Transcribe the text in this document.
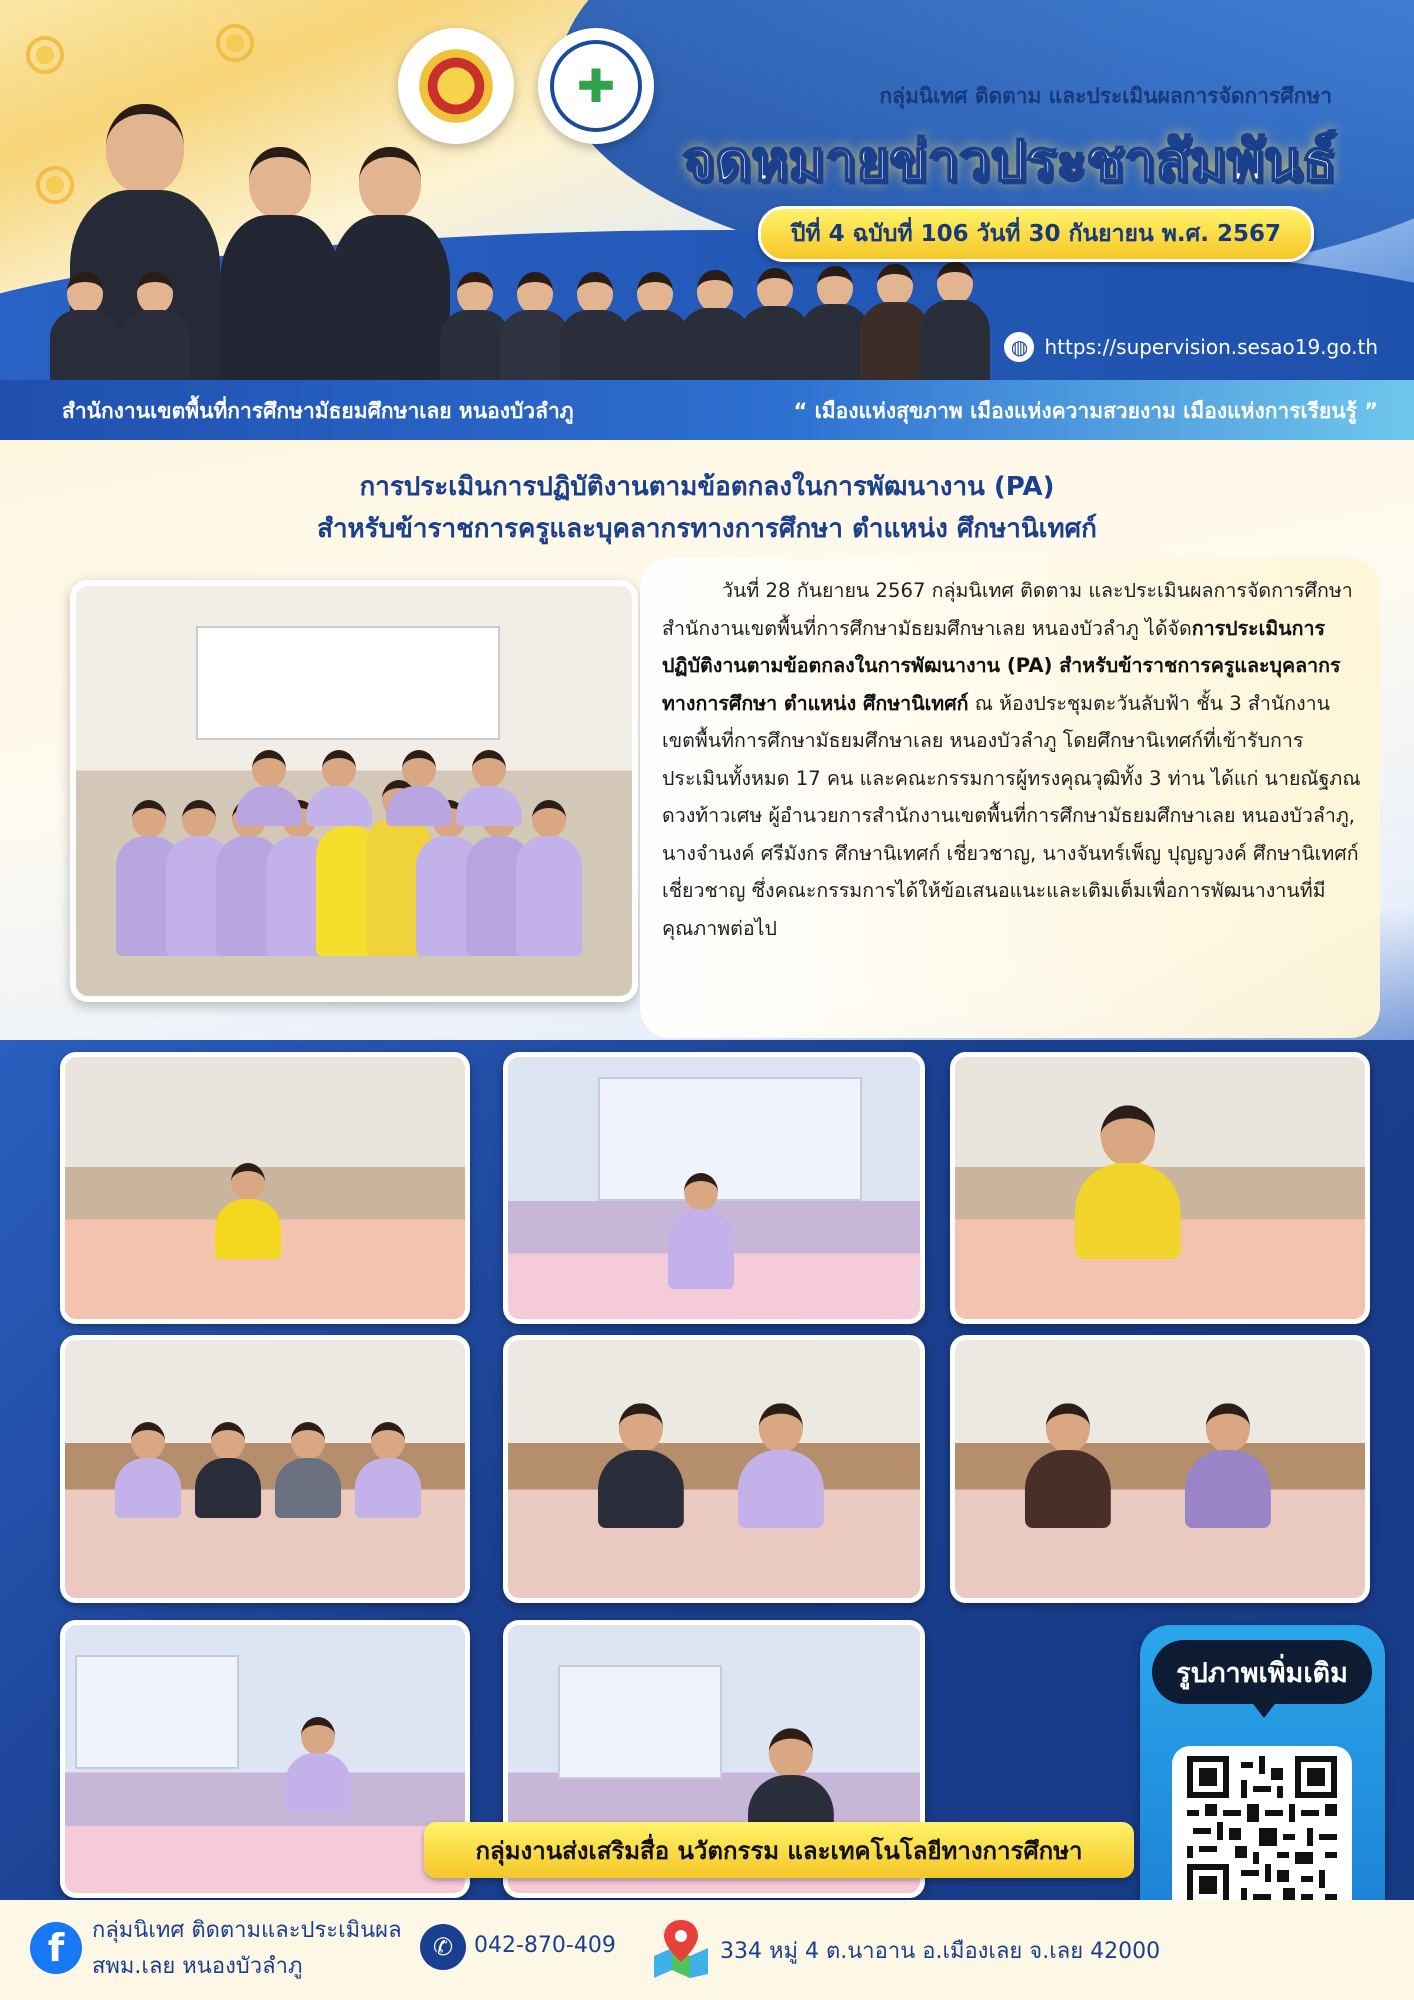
✚	กลุ่มนิเทศ ติดตาม และประเมินผลการจัดการศึกษา
จดหมายข่าวประชาสัมพันธ์
ปีที่ 4 ฉบับที่ 106 วันที่ 30 กันยายน พ.ศ. 2567
◍ https://supervision.sesao19.go.th
สำนักงานเขตพื้นที่การศึกษามัธยมศึกษาเลย หนองบัวลำภู	“ เมืองแห่งสุขภาพ เมืองแห่งความสวยงาม เมืองแห่งการเรียนรู้ ”
การประเมินการปฏิบัติงานตามข้อตกลงในการพัฒนางาน (PA)
สำหรับข้าราชการครูและบุคลากรทางการศึกษา ตำแหน่ง ศึกษานิเทศก์
วันที่ 28 กันยายน 2567 กลุ่มนิเทศ ติดตาม และประเมินผลการจัดการศึกษา สำนักงานเขตพื้นที่การศึกษามัธยมศึกษาเลย หนองบัวลำภู ได้จัดการประเมินการปฏิบัติงานตามข้อตกลงในการพัฒนางาน (PA) สำหรับข้าราชการครูและบุคลากรทางการศึกษา ตำแหน่ง ศึกษานิเทศก์ ณ ห้องประชุมตะวันลับฟ้า ชั้น 3 สำนักงานเขตพื้นที่การศึกษามัธยมศึกษาเลย หนองบัวลำภู โดยศึกษานิเทศก์ที่เข้ารับการประเมินทั้งหมด 17 คน และคณะกรรมการผู้ทรงคุณวุฒิทั้ง 3 ท่าน ได้แก่ นายณัฐภณ ดวงท้าวเศษ ผู้อำนวยการสำนักงานเขตพื้นที่การศึกษามัธยมศึกษาเลย หนองบัวลำภู, นางจำนงค์ ศรีมังกร ศึกษานิเทศก์ เชี่ยวชาญ, นางจันทร์เพ็ญ ปุญญวงค์ ศึกษานิเทศก์เชี่ยวชาญ ซึ่งคณะกรรมการได้ให้ข้อเสนอแนะและเติมเต็มเพื่อการพัฒนางานที่มีคุณภาพต่อไป
รูปภาพเพิ่มเติม
กลุ่มงานส่งเสริมสื่อ นวัตกรรม และเทคโนโลยีทางการศึกษา
f	กลุ่มนิเทศ ติดตามและประเมินผล
สพม.เลย หนองบัวลำภู
✆ 042-870-409	334 หมู่ 4 ต.นาอาน อ.เมืองเลย จ.เลย 42000
